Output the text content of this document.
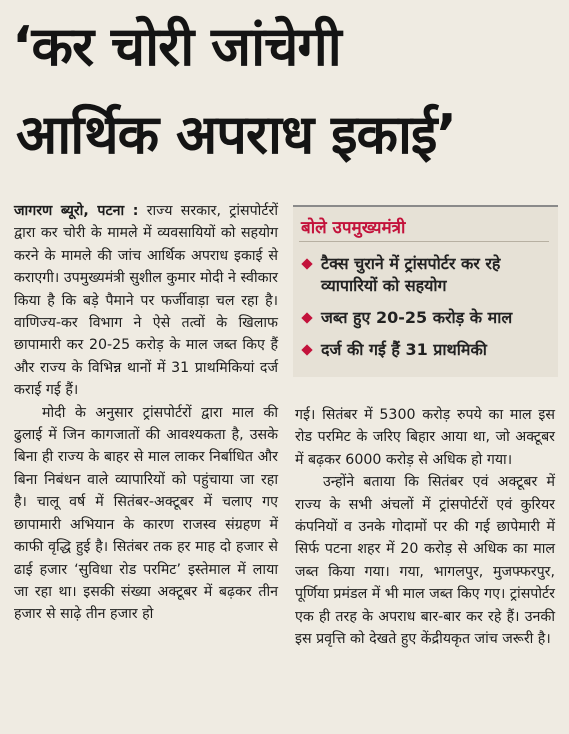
‘कर चोरी जांचेगी
आर्थिक अपराध इकाई’

जागरण ब्यूरो, पटना : राज्य सरकार, ट्रांसपोर्टरों द्वारा कर चोरी के मामले में व्यवसायियों को सहयोग करने के मामले की जांच आर्थिक अपराध इकाई से कराएगी। उपमुख्यमंत्री सुशील कुमार मोदी ने स्वीकार किया है कि बड़े पैमाने पर फर्जीवाड़ा चल रहा है। वाणिज्य-कर विभाग ने ऐसे तत्वों के खिलाफ छापामारी कर 20-25 करोड़ के माल जब्त किए हैं और राज्य के विभिन्न थानों में 31 प्राथमिकियां दर्ज कराई गई हैं।

मोदी के अनुसार ट्रांसपोर्टरों द्वारा माल की ढुलाई में जिन कागजातों की आवश्यकता है, उसके बिना ही राज्य के बाहर से माल लाकर निर्बाधित और बिना निबंधन वाले व्यापारियों को पहुंचाया जा रहा है। चालू वर्ष में सितंबर-अक्टूबर में चलाए गए छापामारी अभियान के कारण राजस्व संग्रहण में काफी वृद्धि हुई है। सितंबर तक हर माह दो हजार से ढाई हजार ‘सुविधा रोड परमिट’ इस्तेमाल में लाया जा रहा था। इसकी संख्या अक्टूबर में बढ़कर तीन हजार से साढ़े तीन हजार हो

बोले उपमुख्यमंत्री
टैक्स चुराने में ट्रांसपोर्टर कर रहे व्यापारियों को सहयोग
जब्त हुए 20-25 करोड़ के माल
दर्ज की गई हैं 31 प्राथमिकी

गई। सितंबर में 5300 करोड़ रुपये का माल इस रोड परमिट के जरिए बिहार आया था, जो अक्टूबर में बढ़कर 6000 करोड़ से अधिक हो गया।

उन्होंने बताया कि सितंबर एवं अक्टूबर में राज्य के सभी अंचलों में ट्रांसपोर्टरों एवं कुरियर कंपनियों व उनके गोदामों पर की गई छापेमारी में सिर्फ पटना शहर में 20 करोड़ से अधिक का माल जब्त किया गया। गया, भागलपुर, मुजफ्फरपुर, पूर्णिया प्रमंडल में भी माल जब्त किए गए। ट्रांसपोर्टर एक ही तरह के अपराध बार-बार कर रहे हैं। उनकी इस प्रवृत्ति को देखते हुए केंद्रीयकृत जांच जरूरी है।
